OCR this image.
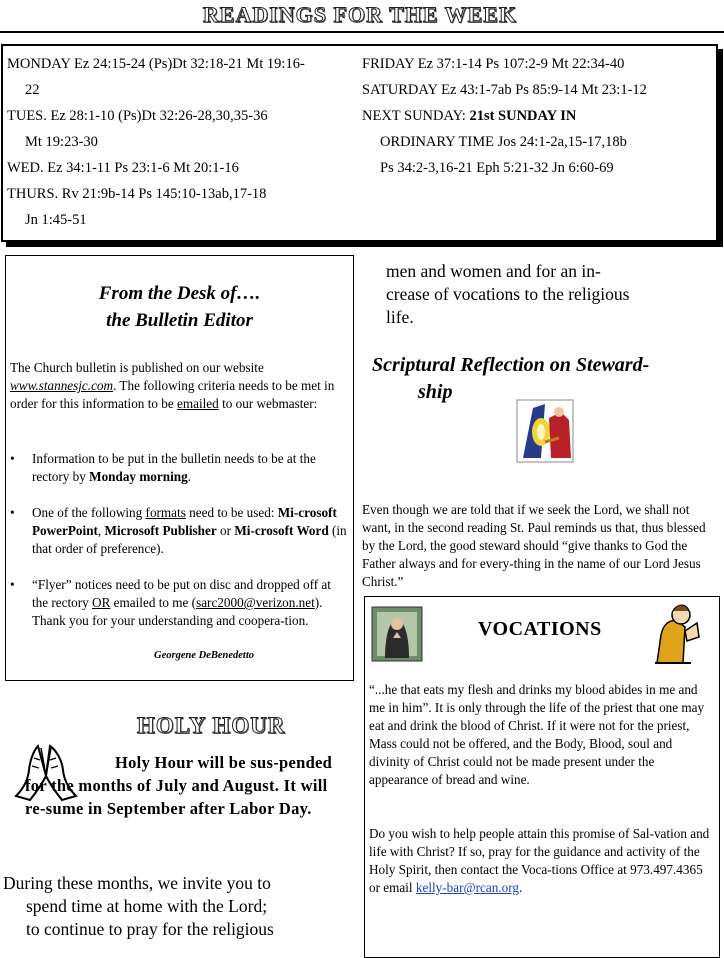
READINGS FOR THE WEEK
MONDAY Ez 24:15-24 (Ps)Dt 32:18-21 Mt 19:16-
22
TUES. Ez 28:1-10 (Ps)Dt 32:26-28,30,35-36
Mt 19:23-30
WED. Ez 34:1-11 Ps 23:1-6 Mt 20:1-16
THURS. Rv 21:9b-14 Ps 145:10-13ab,17-18
Jn 1:45-51
FRIDAY Ez 37:1-14 Ps 107:2-9 Mt 22:34-40
SATURDAY Ez 43:1-7ab Ps 85:9-14 Mt 23:1-12
NEXT SUNDAY: 21st SUNDAY IN
ORDINARY TIME Jos 24:1-2a,15-17,18b
Ps 34:2-3,16-21 Eph 5:21-32 Jn 6:60-69
From the Desk of….
the Bulletin Editor
The Church bulletin is published on our website www.stannesjc.com. The following criteria needs to be met in order for this information to be emailed to our webmaster:
• Information to be put in the bulletin needs to be at the rectory by Monday morning.
• One of the following formats need to be used: Mi-crosoft PowerPoint, Microsoft Publisher or Mi-crosoft Word (in that order of preference).
• “Flyer” notices need to be put on disc and dropped off at the rectory OR emailed to me (sarc2000@verizon.net).
Thank you for your understanding and coopera-tion.
Georgene DeBenedetto
HOLY HOUR
Holy Hour will be sus-pended for the months of July and August. It will re-sume in September after Labor Day.
During these months, we invite you to
spend time at home with the Lord;
to continue to pray for the religious
men and women and for an in-
crease of vocations to the religious
life.
Scriptural Reflection on Steward-
ship
Even though we are told that if we seek the Lord, we shall not want, in the second reading St. Paul reminds us that, thus blessed by the Lord, the good steward should “give thanks to God the Father always and for every-thing in the name of our Lord Jesus Christ.”
VOCATIONS
“...he that eats my flesh and drinks my blood abides in me and me in him”. It is only through the life of the priest that one may eat and drink the blood of Christ. If it were not for the priest, Mass could not be offered, and the Body, Blood, soul and divinity of Christ could not be made present under the appearance of bread and wine.
Do you wish to help people attain this promise of Sal-vation and life with Christ? If so, pray for the guidance and activity of the Holy Spirit, then contact the Voca-tions Office at 973.497.4365 or email kelly-bar@rcan.org.
